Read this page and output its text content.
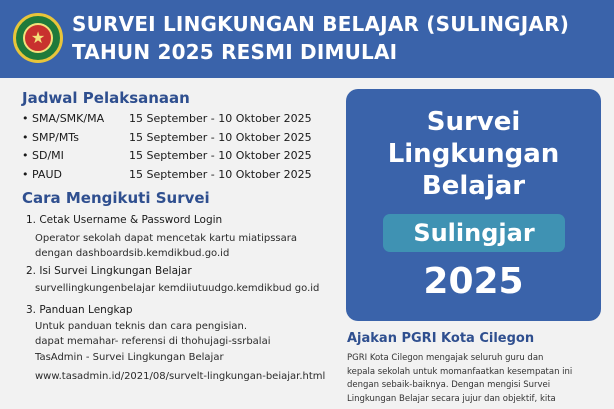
★
SURVEI LINGKUNGAN BELAJAR (SULINGJAR)
TAHUN 2025 RESMI DIMULAI
Jadwal Pelaksanaan
• SMA/SMK/MA 15 September - 10 Oktober 2025
• SMP/MTs	15 September - 10 Oktober 2025
• SD/MI	15 September - 10 Oktober 2025
• PAUD	15 September - 10 Oktober 2025
Cara Mengikuti Survei
1. Cetak Username & Password Login
Operator sekolah dapat mencetak kartu miatipssara
dengan dashboardsib.kemdikbud.go.id
2. Isi Survei Lingkungan Belajar
survellingkungenbelajar kemdiiutuudgo.kemdikbud go.id
3. Panduan Lengkap
Untuk panduan teknis dan cara pengisian.
dapat memahar- referensi di thohujagi-ssrbalai
TasAdmin - Survei Lingkungan Belajar
www.tasadmin.id/2021/08/survelt-lingkungan-beiajar.html
Survei
Lingkungan
Belajar
Sulingjar
2025
Ajakan PGRI Kota Cilegon
PGRI Kota Cilegon mengajak seluruh guru dan
kepala sekolah untuk momanfaatkan kesempatan ini
dengan sebaik-baiknya. Dengan mengisi Survei
Lingkungan Belajar secara jujur dan objektif, kita
